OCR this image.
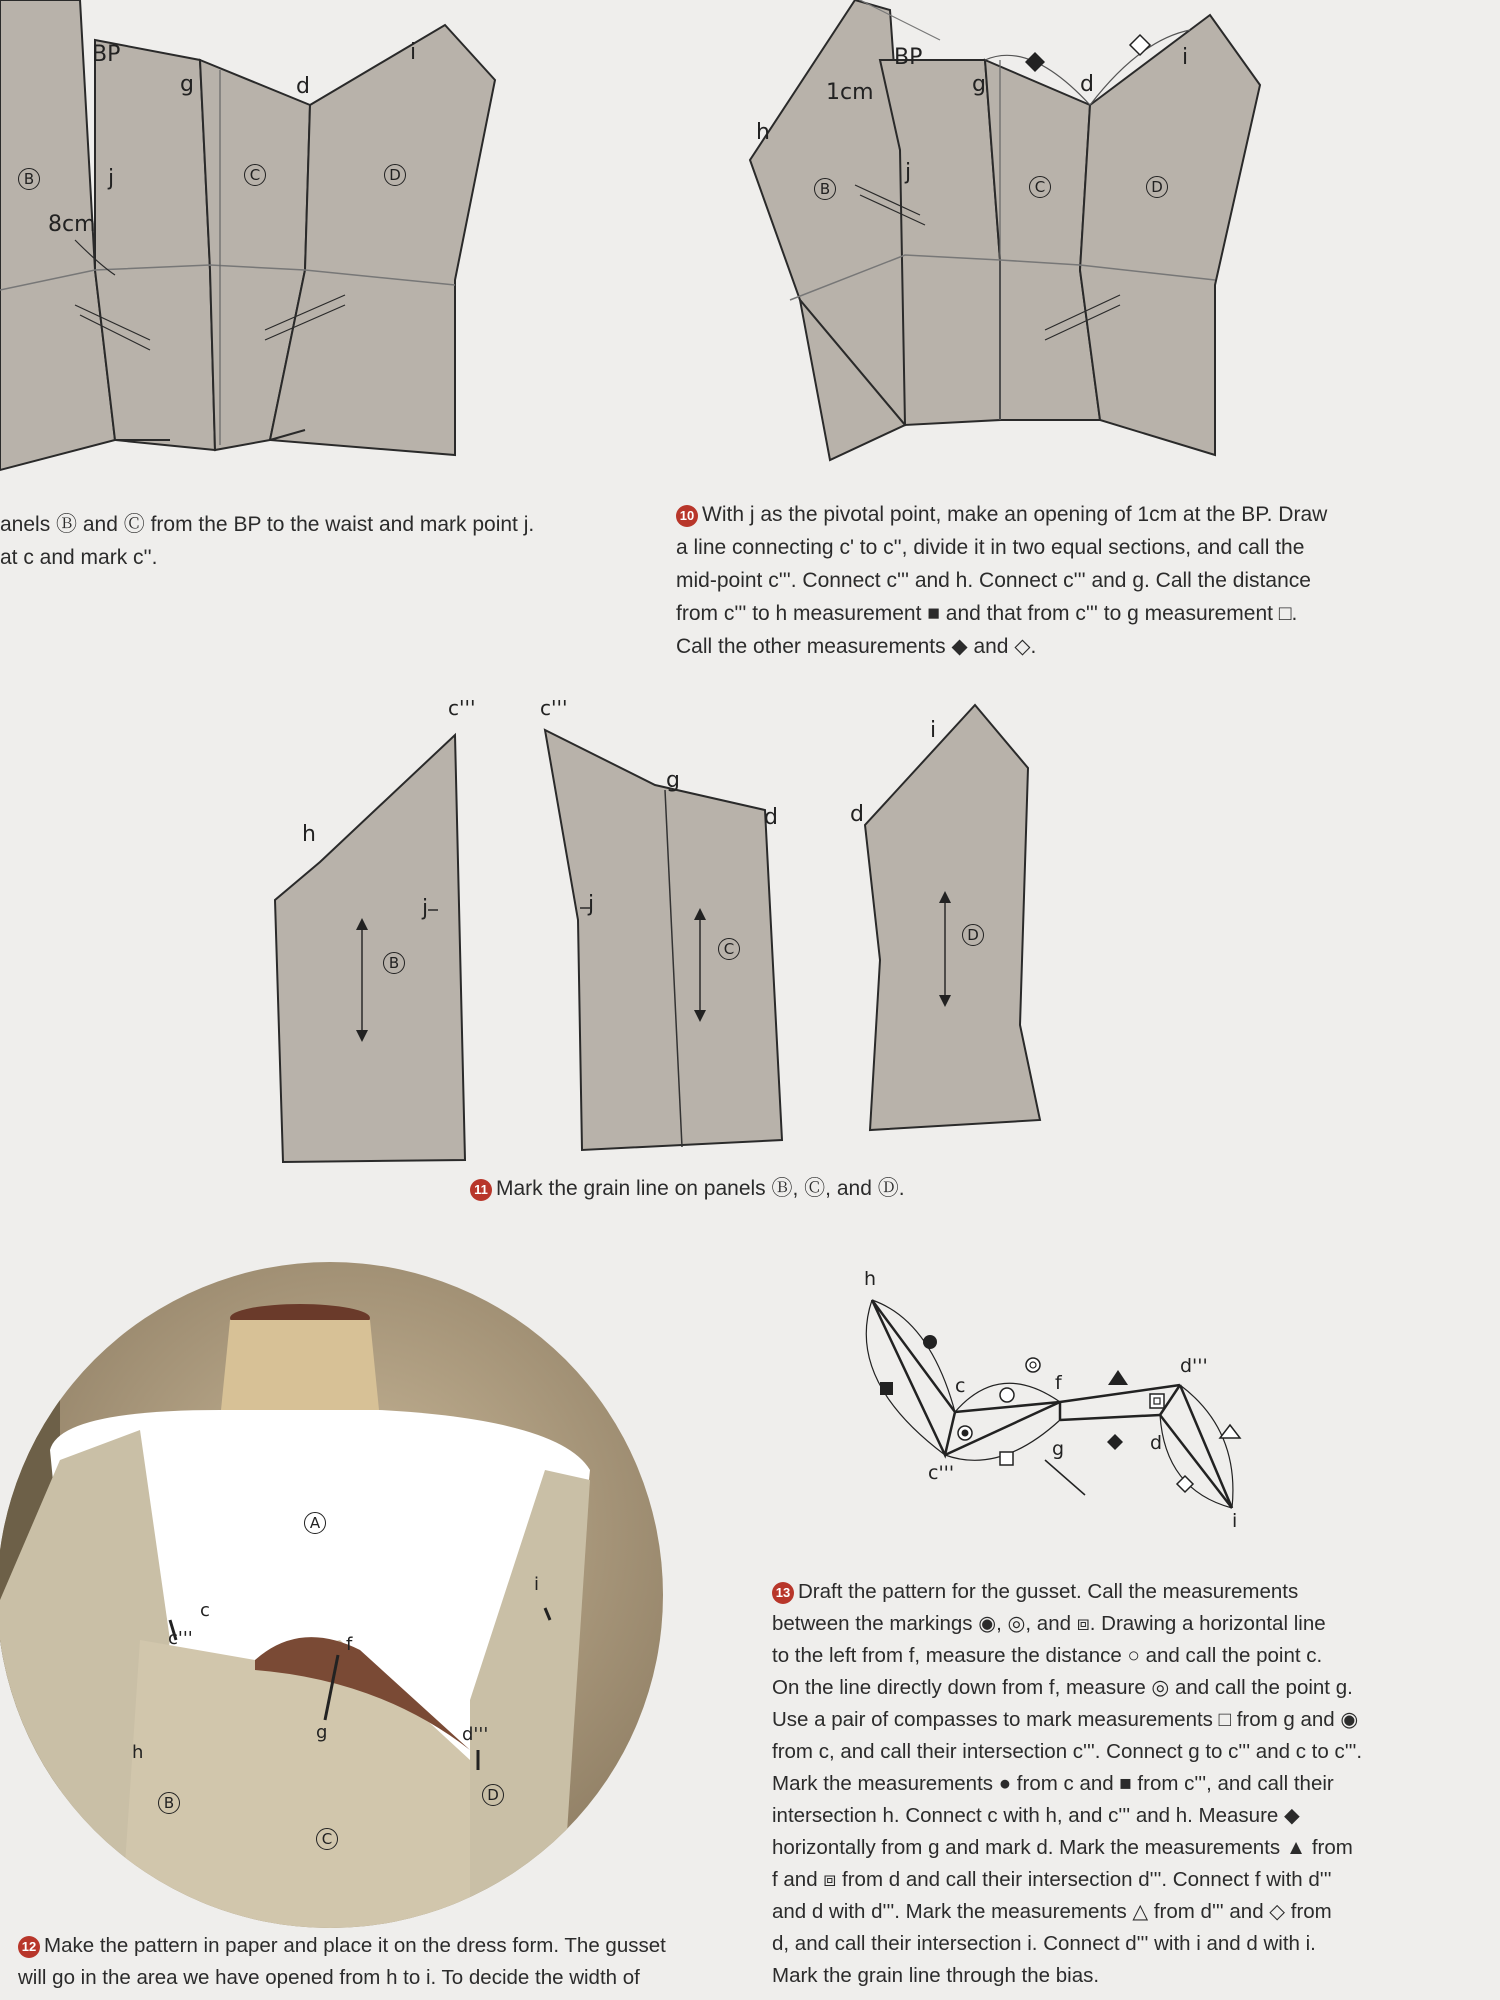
BP
g	d
i
j
8cm
B	C	D
BP
1cm	g	d
i
h
j
B	C	D
anels Ⓑ and Ⓒ from the BP to the waist and mark point j.
at c and mark c''.
10 With j as the pivotal point, make an opening of 1cm at the BP. Draw
a line connecting c' to c'', divide it in two equal sections, and call the
mid-point c'''. Connect c''' and h. Connect c''' and g. Call the distance
from c''' to h measurement ■ and that from c''' to g measurement □.
Call the other measurements ◆ and ◇.
c'''	c'''
h
j	j
g
d	d
i
B
C
D
11 Mark the grain line on panels Ⓑ, Ⓒ, and Ⓓ.
h
c	f
d'''
g	d
c'''
i
A
B
C
D
c
c'''	f
g
h
i
d'''
13 Draft the pattern for the gusset. Call the measurements
between the markings ◉, ◎, and ⧈. Drawing a horizontal line
to the left from f, measure the distance ○ and call the point c.
On the line directly down from f, measure ◎ and call the point g.
Use a pair of compasses to mark measurements □ from g and ◉
from c, and call their intersection c'''. Connect g to c''' and c to c'''.
Mark the measurements ● from c and ■ from c''', and call their
intersection h. Connect c with h, and c''' and h. Measure ◆
horizontally from g and mark d. Mark the measurements ▲ from
f and ⧈ from d and call their intersection d'''. Connect f with d'''
and d with d'''. Mark the measurements △ from d''' and ◇ from
d, and call their intersection i. Connect d''' with i and d with i.
Mark the grain line through the bias.
12 Make the pattern in paper and place it on the dress form. The gusset
will go in the area we have opened from h to i. To decide the width of
